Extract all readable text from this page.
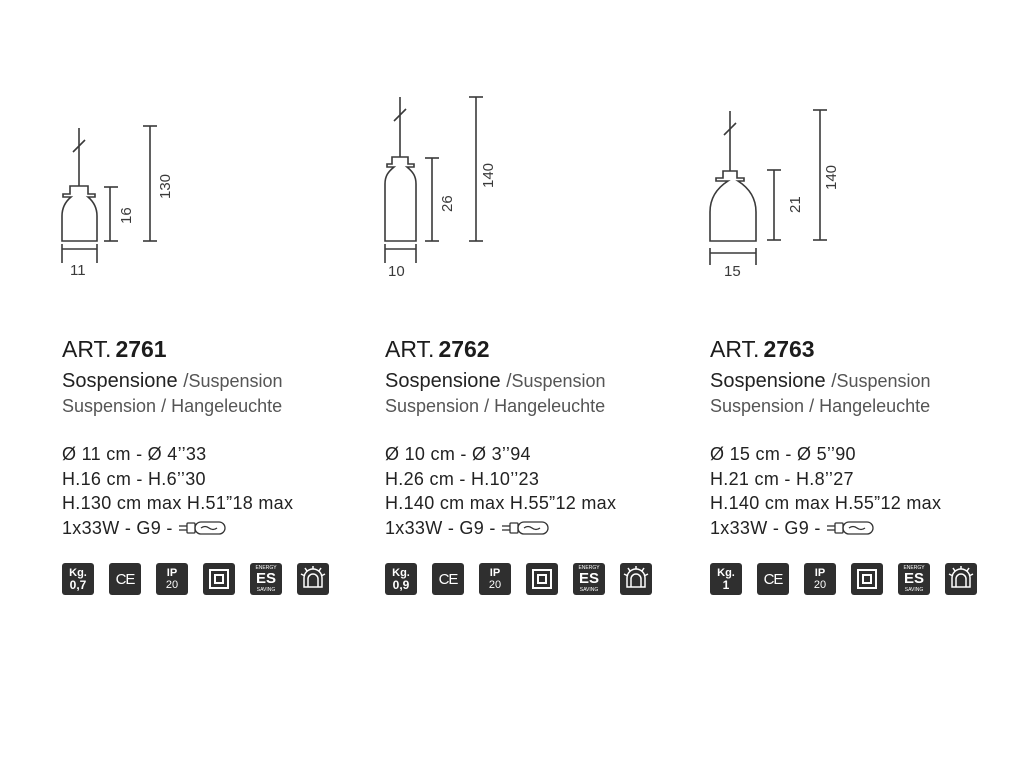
11
16
130
ART. 2761
Sospensione /Suspension
Suspension / Hangeleuchte
Ø 11 cm - Ø 4’’33
H.16 cm - H.6’’30
H.130 cm max H.51”18 max
1x33W - G9 -
Kg.
0,7	CE	IP
20
ENERGY
ES
SAVING
10
26
140
ART. 2762
Sospensione /Suspension
Suspension / Hangeleuchte
Ø 10 cm - Ø 3’’94
H.26 cm - H.10’’23
H.140 cm max H.55”12 max
1x33W - G9 -
Kg.
0,9	CE	IP
20
ENERGY
ES
SAVING
15
21
140
ART. 2763
Sospensione /Suspension
Suspension / Hangeleuchte
Ø 15 cm - Ø 5’’90
H.21 cm - H.8’’27
H.140 cm max H.55”12 max
1x33W - G9 -
Kg.
1	CE	IP
20
ENERGY
ES
SAVING
